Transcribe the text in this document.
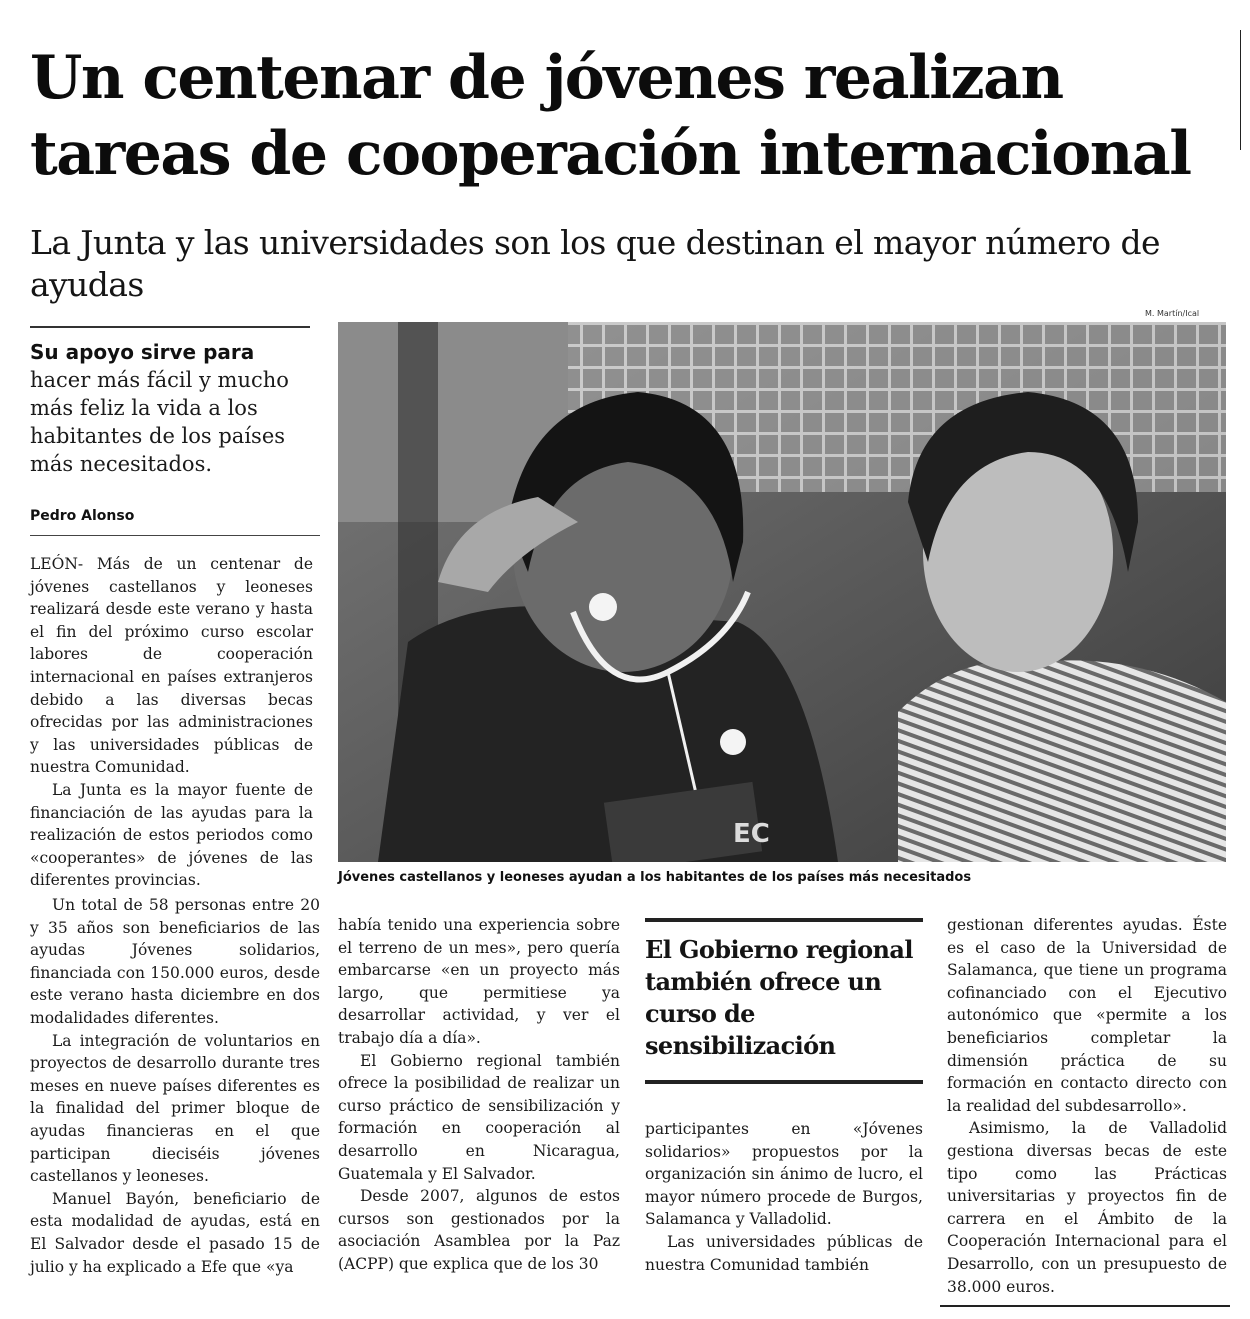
Un centenar de jóvenes realizan
tareas de cooperación internacional
La Junta y las universidades son los que destinan el mayor número de ayudas
Su apoyo sirve para
hacer más fácil y mucho más feliz la vida a los habitantes de los países más necesitados.
Pedro Alonso
M. Martín/Ical
EC
Jóvenes castellanos y leoneses ayudan a los habitantes de los países más necesitados

LEÓN- Más de un centenar de jóvenes castellanos y leoneses realizará desde este verano y hasta el fin del próximo curso escolar labores de cooperación internacional en países extranjeros debido a las diversas becas ofrecidas por las administraciones y las universidades públicas de nuestra Comunidad.

La Junta es la mayor fuente de financiación de las ayudas para la realización de estos periodos como «cooperantes» de jóvenes de las diferentes provincias.

Un total de 58 personas entre 20 y 35 años son beneficiarios de las ayudas Jóvenes solidarios, financiada con 150.000 euros, desde este verano hasta diciembre en dos modalidades diferentes.

La integración de voluntarios en proyectos de desarrollo durante tres meses en nueve países diferentes es la finalidad del primer bloque de ayudas financieras en el que participan dieciséis jóvenes castellanos y leoneses.

Manuel Bayón, beneficiario de esta modalidad de ayudas, está en El Salvador desde el pasado 15 de julio y ha explicado a Efe que «ya

había tenido una experiencia sobre el terreno de un mes», pero quería embarcarse «en un proyecto más largo, que permitiese ya desarrollar actividad, y ver el trabajo día a día».

El Gobierno regional también ofrece la posibilidad de realizar un curso práctico de sensibilización y formación en cooperación al desarrollo en Nicaragua, Guatemala y El Salvador.

Desde 2007, algunos de estos cursos son gestionados por la asociación Asamblea por la Paz (ACPP) que explica que de los 30

El Gobierno regional también ofrece un curso de sensibilización

participantes en «Jóvenes solidarios» propuestos por la organización sin ánimo de lucro, el mayor número procede de Burgos, Salamanca y Valladolid.

Las universidades públicas de nuestra Comunidad también

gestionan diferentes ayudas. Éste es el caso de la Universidad de Salamanca, que tiene un programa cofinanciado con el Ejecutivo autonómico que «permite a los beneficiarios completar la dimensión práctica de su formación en contacto directo con la realidad del subdesarrollo».

Asimismo, la de Valladolid gestiona diversas becas de este tipo como las Prácticas universitarias y proyectos fin de carrera en el Ámbito de la Cooperación Internacional para el Desarrollo, con un presupuesto de 38.000 euros.
